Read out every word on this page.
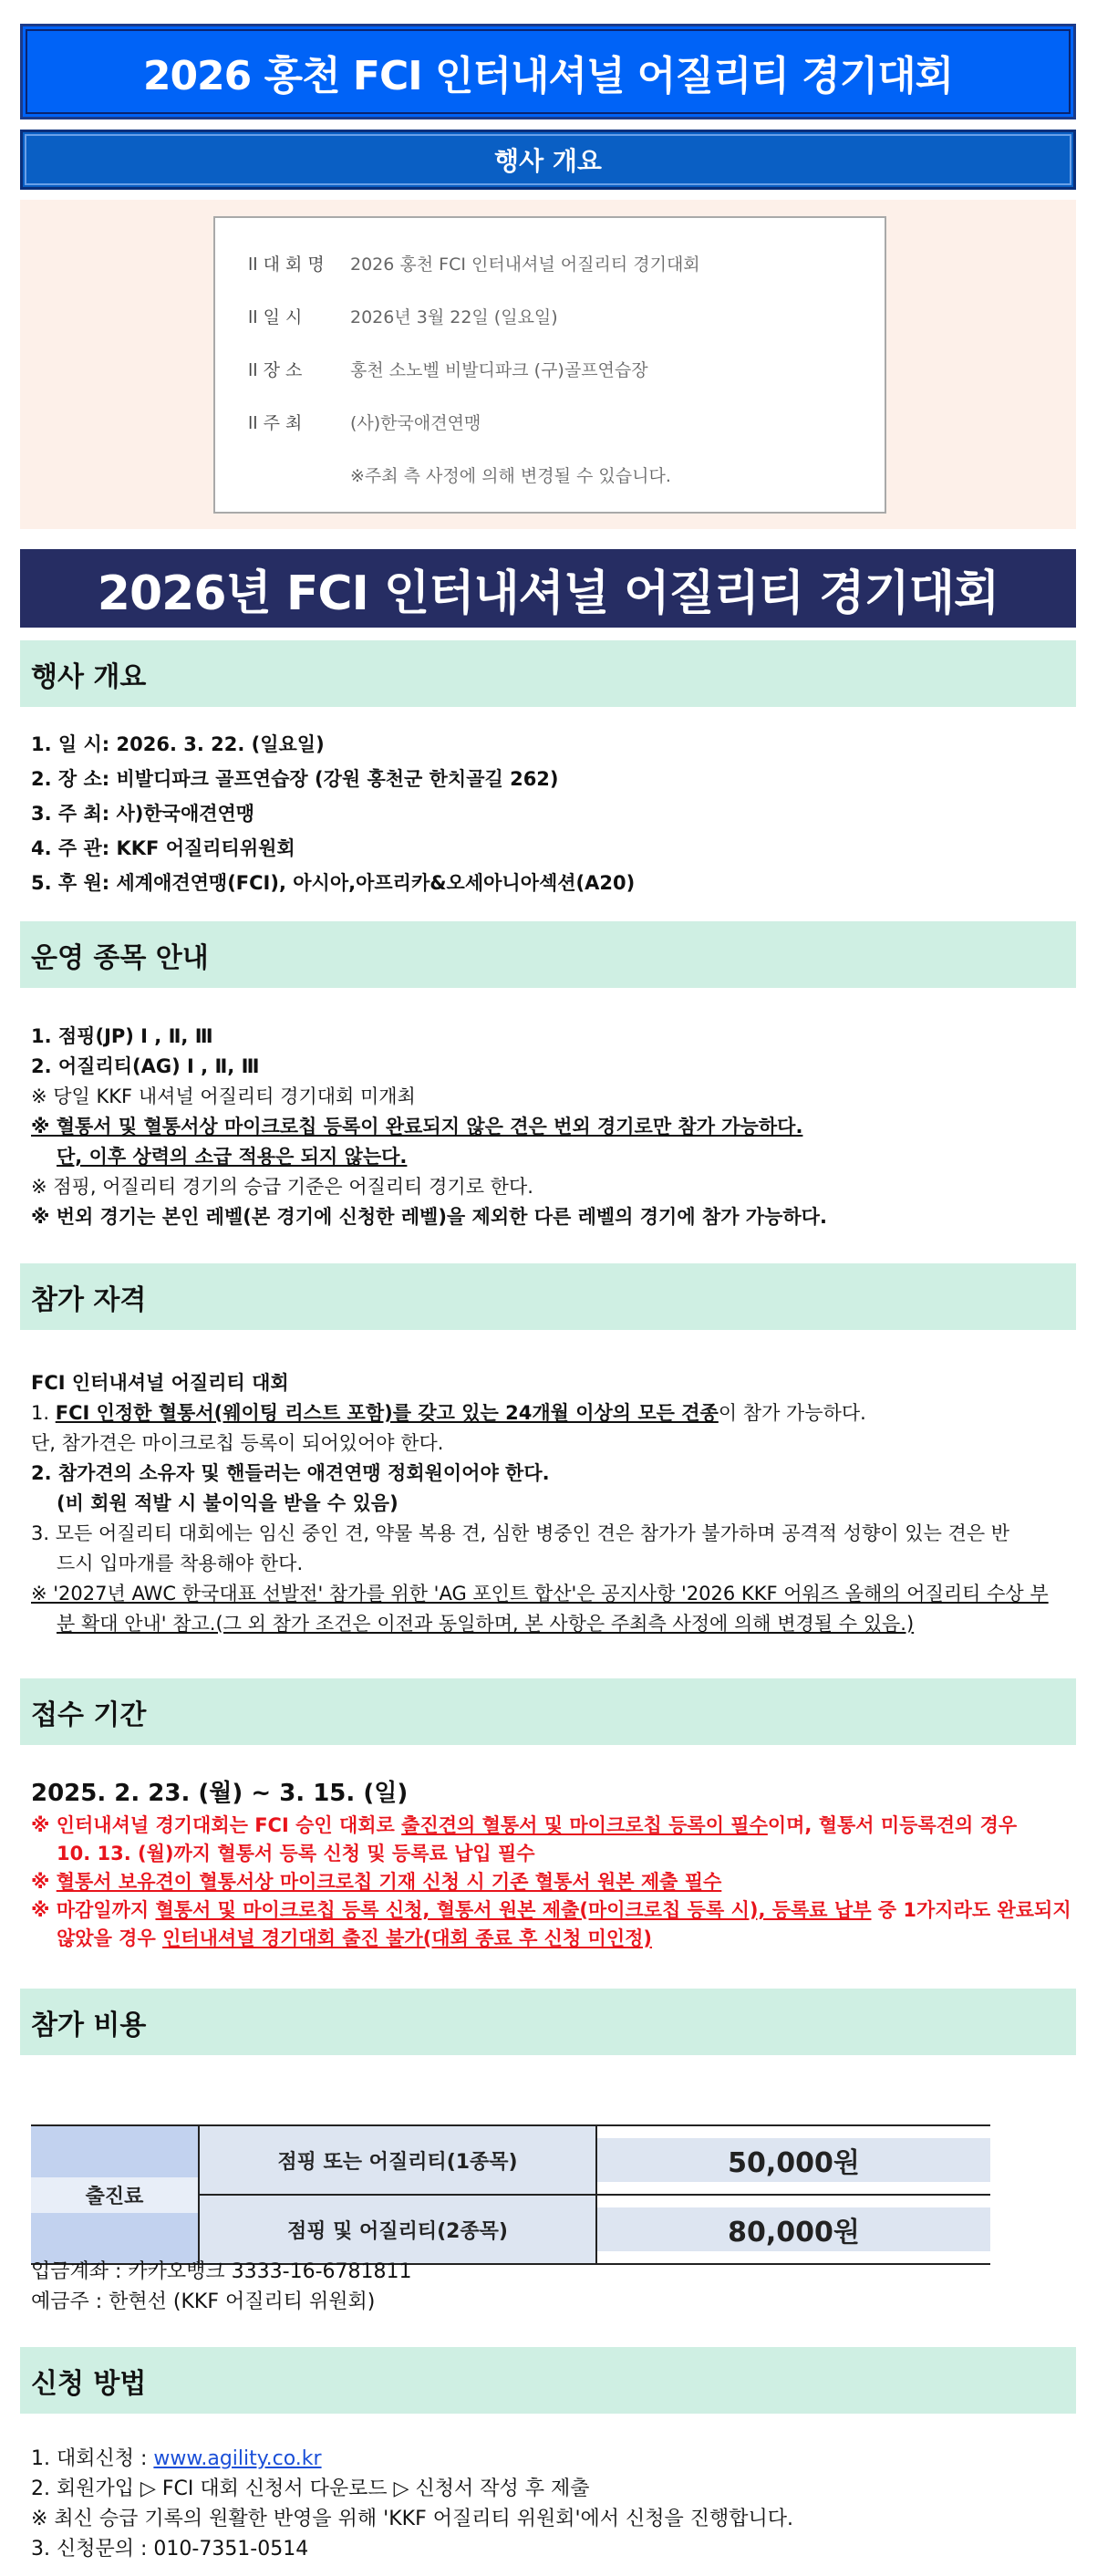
2026 홍천 FCI 인터내셔널 어질리티 경기대회
행사 개요
ll 대 회 명	2026 홍천 FCI 인터내셔널 어질리티 경기대회
ll 일 시	2026년 3월 22일 (일요일)
ll 장 소	홍천 소노벨 비발디파크 (구)골프연습장
ll 주 최	(사)한국애견연맹
※주최 측 사정에 의해 변경될 수 있습니다.
2026년 FCI 인터내셔널 어질리티 경기대회
행사 개요
1. 일 시: 2026. 3. 22. (일요일)
2. 장 소: 비발디파크 골프연습장 (강원 홍천군 한치골길 262)
3. 주 최: 사)한국애견연맹
4. 주 관: KKF 어질리티위원회
5. 후 원: 세계애견연맹(FCI), 아시아,아프리카&오세아니아섹션(A20)
운영 종목 안내
1. 점핑(JP) Ⅰ , Ⅱ, Ⅲ
2. 어질리티(AG) Ⅰ , Ⅱ, Ⅲ
※ 당일 KKF 내셔널 어질리티 경기대회 미개최
※ 혈통서 및 혈통서상 마이크로칩 등록이 완료되지 않은 견은 번외 경기로만 참가 가능하다.
단, 이후 상력의 소급 적용은 되지 않는다.
※ 점핑, 어질리티 경기의 승급 기준은 어질리티 경기로 한다.
※ 번외 경기는 본인 레벨(본 경기에 신청한 레벨)을 제외한 다른 레벨의 경기에 참가 가능하다.
참가 자격
FCI 인터내셔널 어질리티 대회
1. FCI 인정한 혈통서(웨이팅 리스트 포함)를 갖고 있는 24개월 이상의 모든 견종이 참가 가능하다.
단, 참가견은 마이크로칩 등록이 되어있어야 한다.
2. 참가견의 소유자 및 핸들러는 애견연맹 정회원이어야 한다.
(비 회원 적발 시 불이익을 받을 수 있음)
3. 모든 어질리티 대회에는 임신 중인 견, 약물 복용 견, 심한 병중인 견은 참가가 불가하며 공격적 성향이 있는 견은 반
드시 입마개를 착용해야 한다.
※ '2027년 AWC 한국대표 선발전' 참가를 위한 'AG 포인트 합산'은 공지사항 '2026 KKF 어워즈 올해의 어질리티 수상 부
분 확대 안내' 참고.(그 외 참가 조건은 이전과 동일하며, 본 사항은 주최측 사정에 의해 변경될 수 있음.)
접수 기간
2025. 2. 23. (월) ~ 3. 15. (일)
※ 인터내셔널 경기대회는 FCI 승인 대회로 출진견의 혈통서 및 마이크로칩 등록이 필수이며, 혈통서 미등록견의 경우
10. 13. (월)까지 혈통서 등록 신청 및 등록료 납입 필수
※ 혈통서 보유견이 혈통서상 마이크로칩 기재 신청 시 기존 혈통서 원본 제출 필수
※ 마감일까지 혈통서 및 마이크로칩 등록 신청, 혈통서 원본 제출(마이크로칩 등록 시), 등록료 납부 중 1가지라도 완료되지
않았을 경우 인터내셔널 경기대회 출진 불가(대회 종료 후 신청 미인정)
참가 비용
출진료	점핑 또는 어질리티(1종목)	50,000원
	점핑 및 어질리티(2종목)	80,000원
입금계좌 : 카카오뱅크 3333-16-6781811
예금주 : 한현선 (KKF 어질리티 위원회)
신청 방법
1. 대회신청 : www.agility.co.kr
2. 회원가입 ▷ FCI 대회 신청서 다운로드 ▷ 신청서 작성 후 제출
※ 최신 승급 기록의 원활한 반영을 위해 'KKF 어질리티 위원회'에서 신청을 진행합니다.
3. 신청문의 : 010-7351-0514
